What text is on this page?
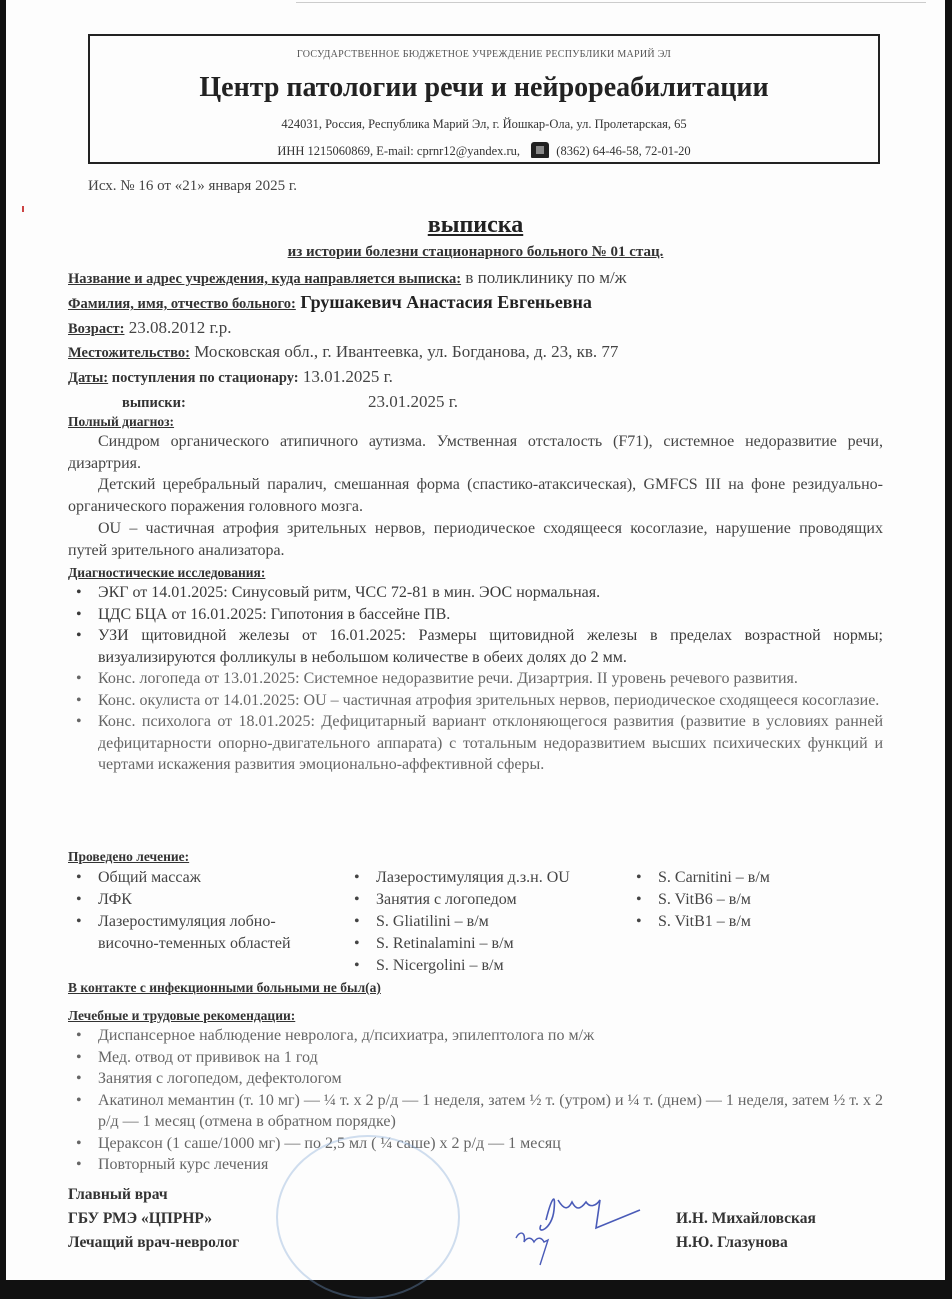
ГОСУДАРСТВЕННОЕ БЮДЖЕТНОЕ УЧРЕЖДЕНИЕ РЕСПУБЛИКИ МАРИЙ ЭЛ
Центр патологии речи и нейрореабилитации
424031, Россия, Республика Марий Эл, г. Йошкар-Ола, ул. Пролетарская, 65
ИНН 1215060869, E-mail: cprnr12@yandex.ru,	(8362) 64-46-58, 72-01-20
Исх. № 16 от «21» января 2025 г.
выписка
из истории болезни стационарного больного № 01 стац.
Название и адрес учреждения, куда направляется выписка: в поликлинику по м/ж
Фамилия, имя, отчество больного: Грушакевич Анастасия Евгеньевна
Возраст: 23.08.2012 г.р.
Местожительство: Московская обл., г. Ивантеевка, ул. Богданова, д. 23, кв. 77
Даты: поступления по стационару: 13.01.2025 г.
выписки:	23.01.2025 г.
Полный диагноз:
Синдром органического атипичного аутизма. Умственная отсталость (F71), системное недоразвитие речи, дизартрия.
Детский церебральный паралич, смешанная форма (спастико-атаксическая), GMFCS III на фоне резидуально-органического поражения головного мозга.
OU – частичная атрофия зрительных нервов, периодическое сходящееся косоглазие, нарушение проводящих путей зрительного анализатора.
Диагностические исследования:
• ЭКГ от 14.01.2025: Синусовый ритм, ЧСС 72-81 в мин. ЭОС нормальная.
• ЦДС БЦА от 16.01.2025: Гипотония в бассейне ПВ.
• УЗИ щитовидной железы от 16.01.2025: Размеры щитовидной железы в пределах возрастной нормы; визуализируются фолликулы в небольшом количестве в обеих долях до 2 мм.
• Конс. логопеда от 13.01.2025: Системное недоразвитие речи. Дизартрия. II уровень речевого развития.
• Конс. окулиста от 14.01.2025: OU – частичная атрофия зрительных нервов, периодическое сходящееся косоглазие.
• Конс. психолога от 18.01.2025: Дефицитарный вариант отклоняющегося развития (развитие в условиях ранней дефицитарности опорно-двигательного аппарата) с тотальным недоразвитием высших психических функций и чертами искажения развития эмоционально-аффективной сферы.
Проведено лечение:
• Общий массаж
• ЛФК
• Лазеростимуляция лобно-височно-теменных областей
• Лазеростимуляция д.з.н. OU
• Занятия с логопедом
• S. Gliatilini – в/м
• S. Retinalamini – в/м
• S. Nicergolini – в/м
• S. Carnitini – в/м
• S. VitB6 – в/м
• S. VitB1 – в/м
В контакте с инфекционными больными не был(а)
Лечебные и трудовые рекомендации:
• Диспансерное наблюдение невролога, д/психиатра, эпилептолога по м/ж
• Мед. отвод от прививок на 1 год
• Занятия с логопедом, дефектологом
• Акатинол мемантин (т. 10 мг) — ¼ т. х 2 р/д — 1 неделя, затем ½ т. (утром) и ¼ т. (днем) — 1 неделя, затем ½ т. х 2 р/д — 1 месяц (отмена в обратном порядке)
• Цераксон (1 саше/1000 мг) — по 2,5 мл ( ¼ саше) х 2 р/д — 1 месяц
• Повторный курс лечения
Главный врач
ГБУ РМЭ «ЦПРНР»
Лечащий врач-невролог
И.Н. Михайловская
Н.Ю. Глазунова
